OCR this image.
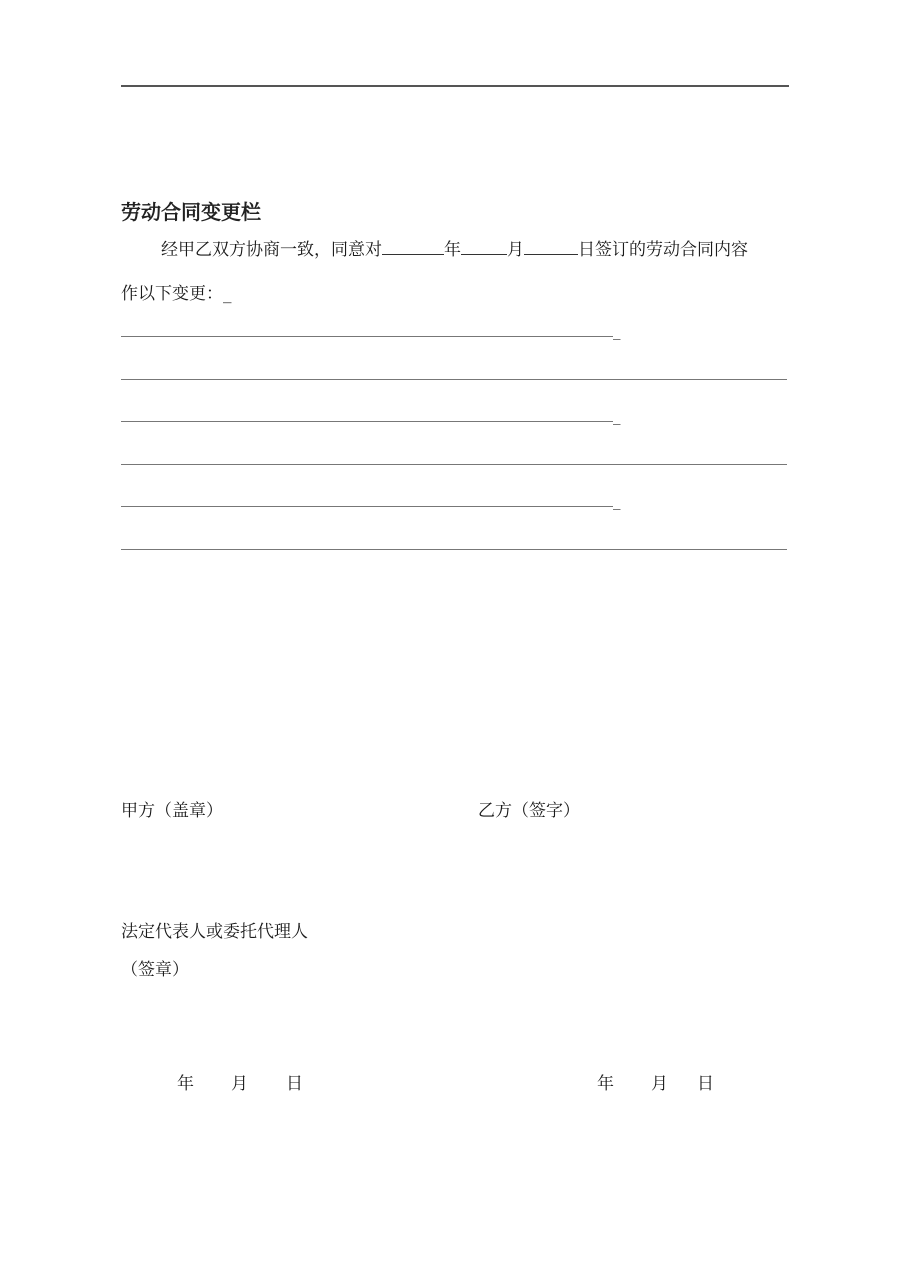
劳动合同变更栏
经甲乙双方协商一致，同意对	年	月	日签订的劳动合同内容
作以下变更：_
_
_
_
甲方（盖章）	乙方（签字）
法定代表人或委托代理人
（签章）
年 月 日	年 月 日
